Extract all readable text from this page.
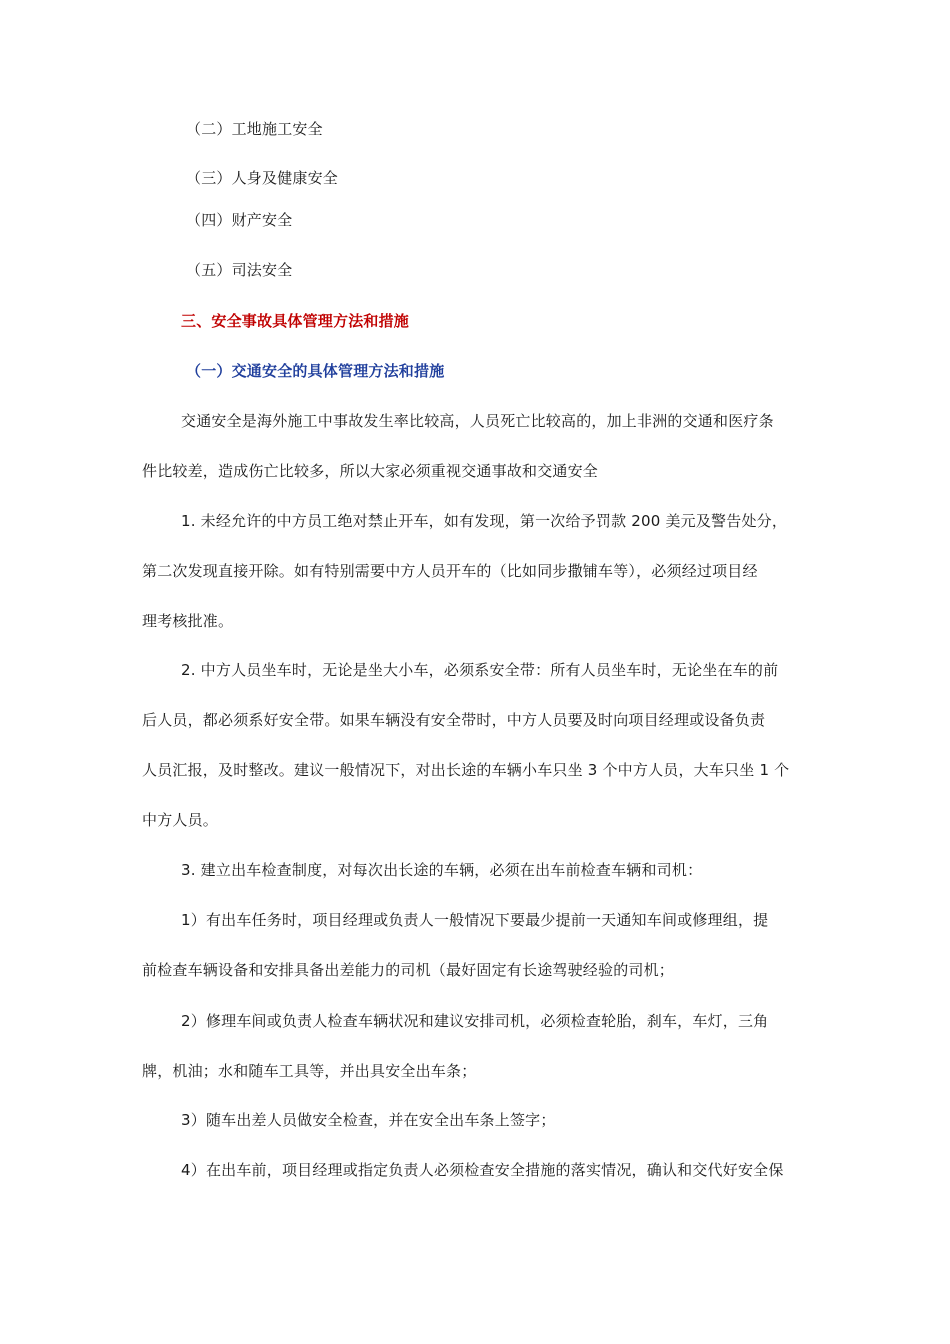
（二）工地施工安全
（三）人身及健康安全
（四）财产安全
（五）司法安全
三、安全事故具体管理方法和措施
（一）交通安全的具体管理方法和措施
交通安全是海外施工中事故发生率比较高，人员死亡比较高的，加上非洲的交通和医疗条
件比较差，造成伤亡比较多，所以大家必须重视交通事故和交通安全
1. 未经允许的中方员工绝对禁止开车，如有发现，第一次给予罚款 200 美元及警告处分，
第二次发现直接开除。如有特别需要中方人员开车的（比如同步撒铺车等），必须经过项目经
理考核批准。
2. 中方人员坐车时，无论是坐大小车，必须系安全带：所有人员坐车时，无论坐在车的前
后人员，都必须系好安全带。如果车辆没有安全带时，中方人员要及时向项目经理或设备负责
人员汇报，及时整改。建议一般情况下，对出长途的车辆小车只坐 3 个中方人员，大车只坐 1 个
中方人员。
3. 建立出车检查制度，对每次出长途的车辆，必须在出车前检查车辆和司机：
1）有出车任务时，项目经理或负责人一般情况下要最少提前一天通知车间或修理组，提
前检查车辆设备和安排具备出差能力的司机（最好固定有长途驾驶经验的司机；
2）修理车间或负责人检查车辆状况和建议安排司机，必须检查轮胎，刹车，车灯，三角
牌，机油；水和随车工具等，并出具安全出车条；
3）随车出差人员做安全检查，并在安全出车条上签字；
4）在出车前，项目经理或指定负责人必须检查安全措施的落实情况，确认和交代好安全保
